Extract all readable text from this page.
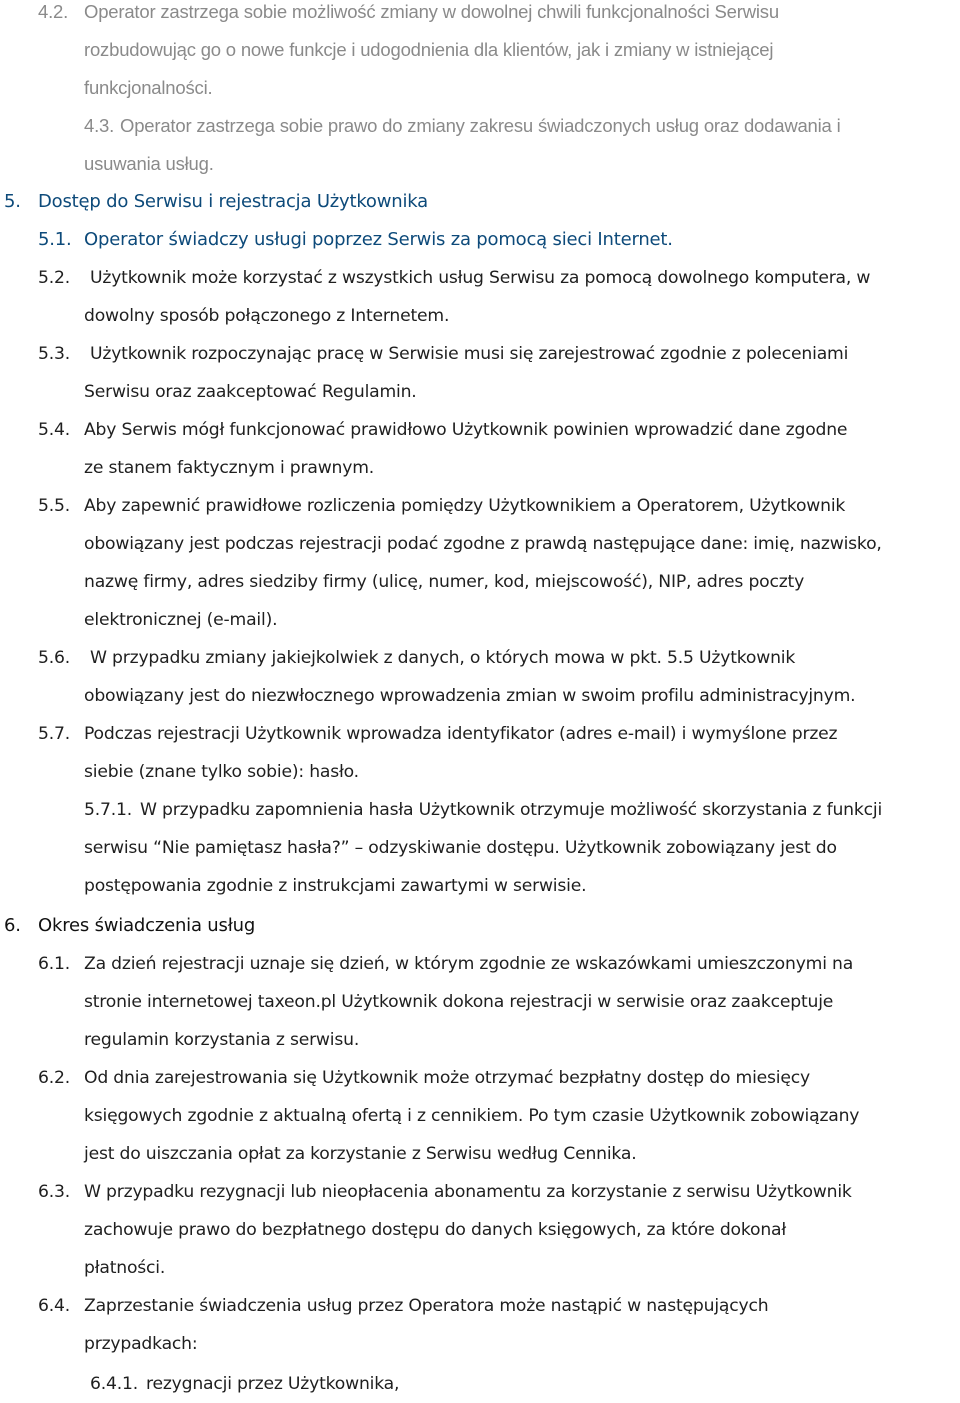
4.2. Operator zastrzega sobie możliwość zmiany w dowolnej chwili funkcjonalności Serwisu
rozbudowując go o nowe funkcje i udogodnienia dla klientów, jak i zmiany w istniejącej
funkcjonalności.
4.3. Operator zastrzega sobie prawo do zmiany zakresu świadczonych usług oraz dodawania i
usuwania usług.
5. Dostęp do Serwisu i rejestracja Użytkownika
5.1. Operator świadczy usługi poprzez Serwis za pomocą sieci Internet.
5.2. Użytkownik może korzystać z wszystkich usług Serwisu za pomocą dowolnego komputera, w
dowolny sposób połączonego z Internetem.
5.3. Użytkownik rozpoczynając pracę w Serwisie musi się zarejestrować zgodnie z poleceniami
Serwisu oraz zaakceptować Regulamin.
5.4. Aby Serwis mógł funkcjonować prawidłowo Użytkownik powinien wprowadzić dane zgodne
ze stanem faktycznym i prawnym.
5.5. Aby zapewnić prawidłowe rozliczenia pomiędzy Użytkownikiem a Operatorem, Użytkownik
obowiązany jest podczas rejestracji podać zgodne z prawdą następujące dane: imię, nazwisko,
nazwę firmy, adres siedziby firmy (ulicę, numer, kod, miejscowość), NIP, adres poczty
elektronicznej (e-mail).
5.6. W przypadku zmiany jakiejkolwiek z danych, o których mowa w pkt. 5.5 Użytkownik
obowiązany jest do niezwłocznego wprowadzenia zmian w swoim profilu administracyjnym.
5.7. Podczas rejestracji Użytkownik wprowadza identyfikator (adres e-mail) i wymyślone przez
siebie (znane tylko sobie): hasło.
5.7.1. W przypadku zapomnienia hasła Użytkownik otrzymuje możliwość skorzystania z funkcji
serwisu “Nie pamiętasz hasła?” – odzyskiwanie dostępu. Użytkownik zobowiązany jest do
postępowania zgodnie z instrukcjami zawartymi w serwisie.
6. Okres świadczenia usług
6.1. Za dzień rejestracji uznaje się dzień, w którym zgodnie ze wskazówkami umieszczonymi na
stronie internetowej taxeon.pl Użytkownik dokona rejestracji w serwisie oraz zaakceptuje
regulamin korzystania z serwisu.
6.2. Od dnia zarejestrowania się Użytkownik może otrzymać bezpłatny dostęp do miesięcy
księgowych zgodnie z aktualną ofertą i z cennikiem. Po tym czasie Użytkownik zobowiązany
jest do uiszczania opłat za korzystanie z Serwisu według Cennika.
6.3. W przypadku rezygnacji lub nieopłacenia abonamentu za korzystanie z serwisu Użytkownik
zachowuje prawo do bezpłatnego dostępu do danych księgowych, za które dokonał
płatności.
6.4. Zaprzestanie świadczenia usług przez Operatora może nastąpić w następujących
przypadkach:
6.4.1. rezygnacji przez Użytkownika,
